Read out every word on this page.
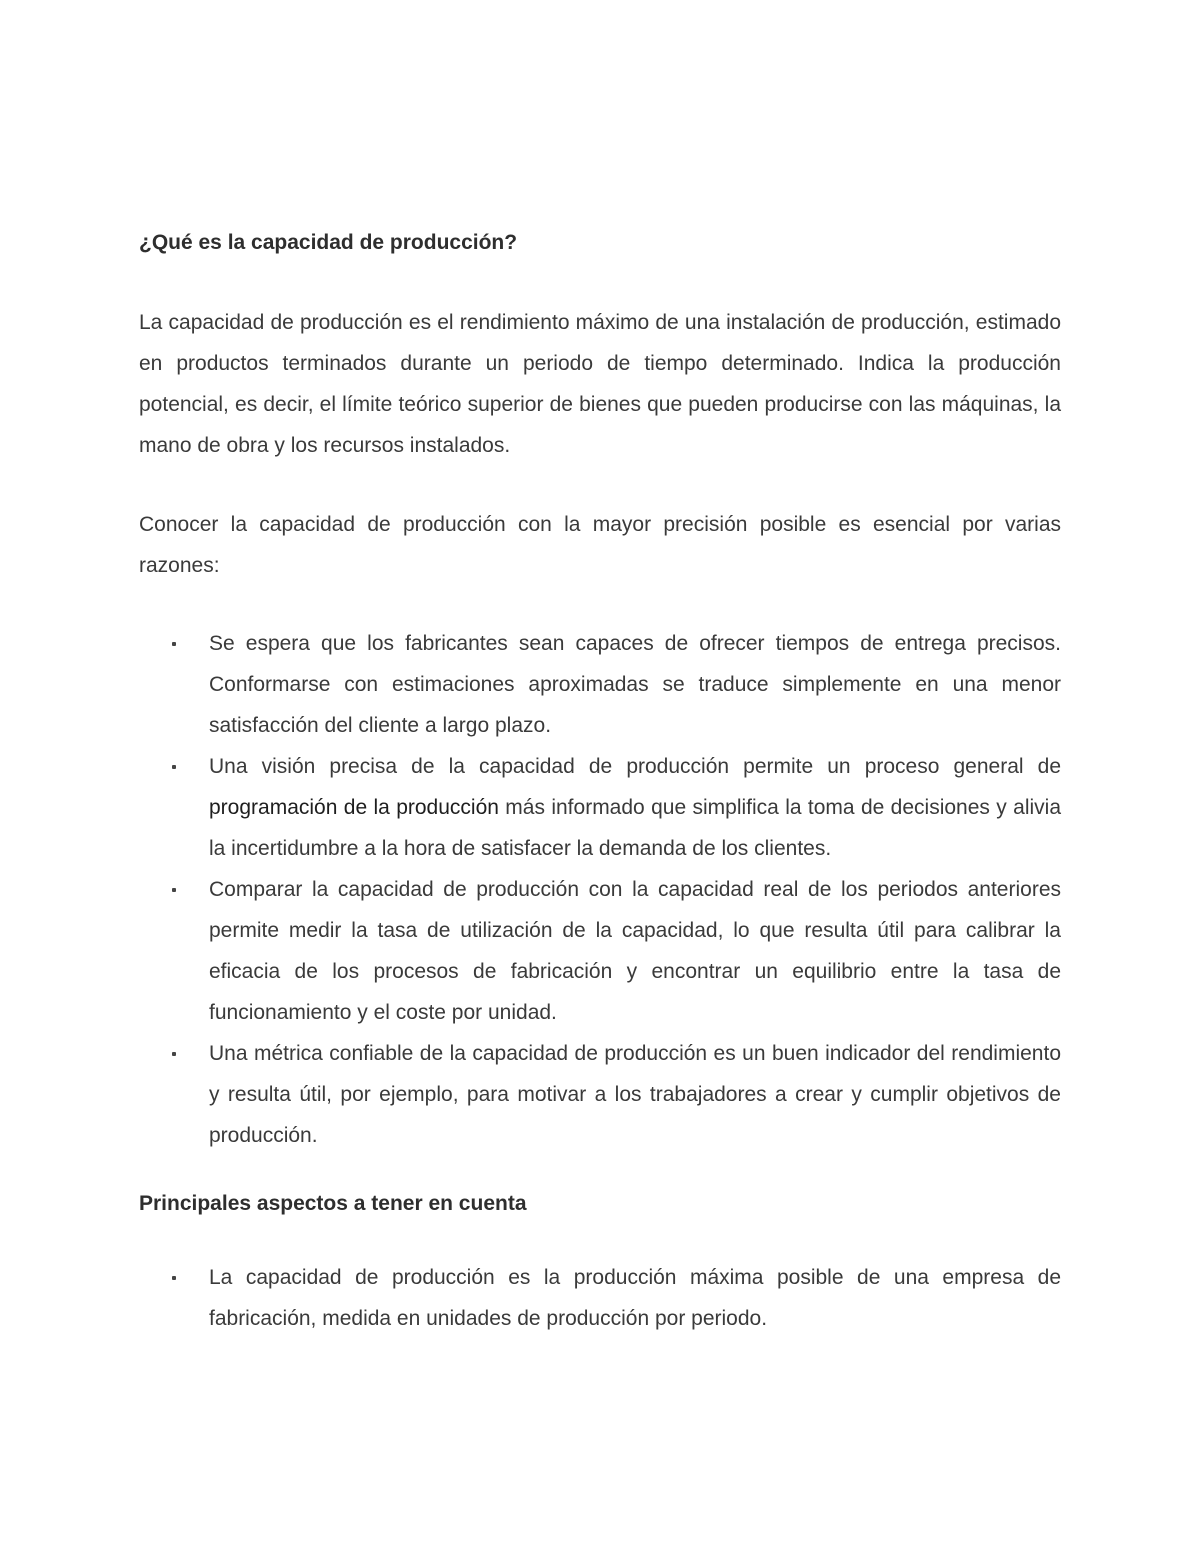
¿Qué es la capacidad de producción?

La capacidad de producción es el rendimiento máximo de una instalación de producción, estimado en productos terminados durante un periodo de tiempo determinado. Indica la producción potencial, es decir, el límite teórico superior de bienes que pueden producirse con las máquinas, la mano de obra y los recursos instalados.

Conocer la capacidad de producción con la mayor precisión posible es esencial por varias razones:

Se espera que los fabricantes sean capaces de ofrecer tiempos de entrega precisos. Conformarse con estimaciones aproximadas se traduce simplemente en una menor satisfacción del cliente a largo plazo.
Una visión precisa de la capacidad de producción permite un proceso general de programación de la producción más informado que simplifica la toma de decisiones y alivia la incertidumbre a la hora de satisfacer la demanda de los clientes.
Comparar la capacidad de producción con la capacidad real de los periodos anteriores permite medir la tasa de utilización de la capacidad, lo que resulta útil para calibrar la eficacia de los procesos de fabricación y encontrar un equilibrio entre la tasa de funcionamiento y el coste por unidad.
Una métrica confiable de la capacidad de producción es un buen indicador del rendimiento y resulta útil, por ejemplo, para motivar a los trabajadores a crear y cumplir objetivos de producción.

Principales aspectos a tener en cuenta

La capacidad de producción es la producción máxima posible de una empresa de fabricación, medida en unidades de producción por periodo.
